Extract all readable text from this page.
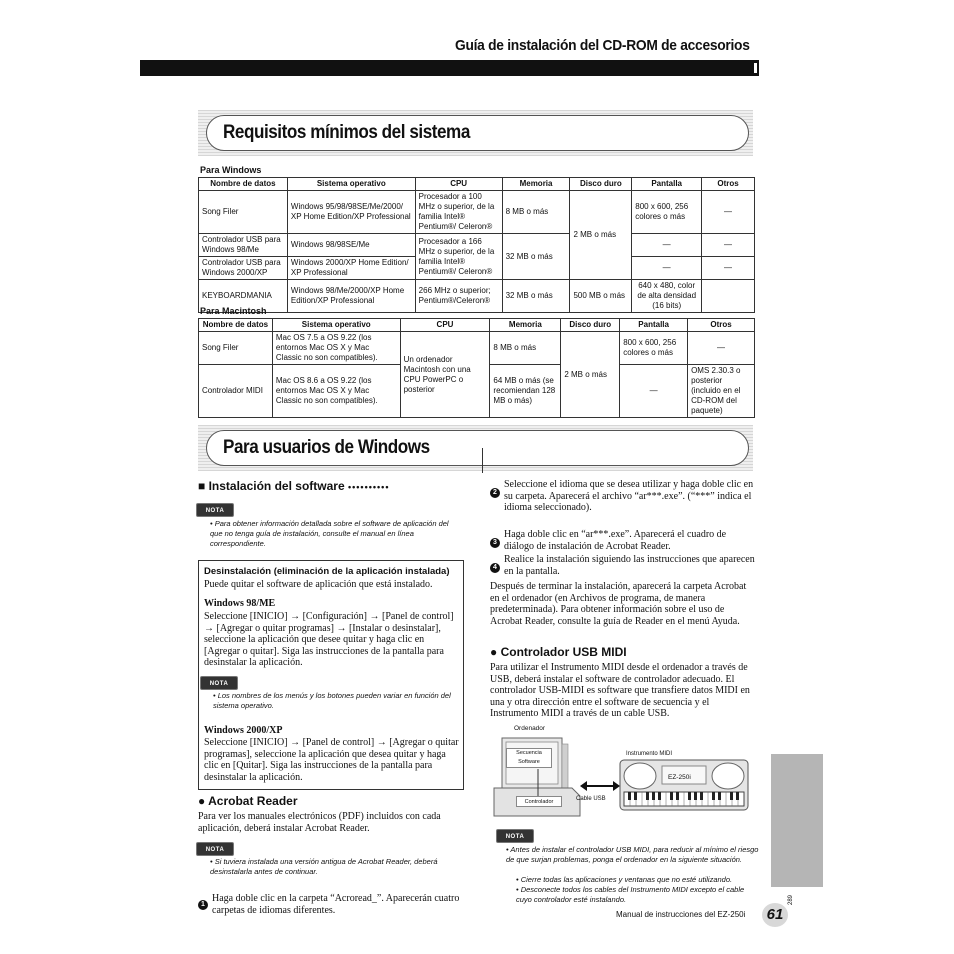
Guía de instalación del CD-ROM de accesorios
Requisitos mínimos del sistema
Para Windows
Nombre de datos	Sistema operativo	CPU	Memoria	Disco duro	Pantalla	Otros
Song Filer	Windows 95/98/98SE/Me/2000/ XP Home Edition/XP Professional	Procesador a 100 MHz o superior, de la familia Intel® Pentium®/ Celeron®	8 MB o más	2 MB o más	800 x 600, 256 colores o más	—
Controlador USB para Windows 98/Me	Windows 98/98SE/Me	Procesador a 166 MHz o superior, de la familia Intel® Pentium®/ Celeron®	32 MB o más		—	—
Controlador USB para Windows 2000/XP	Windows 2000/XP Home Edition/ XP Professional				—	—
KEYBOARDMANIA	Windows 98/Me/2000/XP Home Edition/XP Professional	266 MHz o superior; Pentium®/Celeron®	32 MB o más	500 MB o más	640 x 480, color de alta densidad (16 bits)	
Para Macintosh
Nombre de datos	Sistema operativo	CPU	Memoria	Disco duro	Pantalla	Otros
Song Filer	Mac OS 7.5 a OS 9.22 (los entornos Mac OS X y Mac Classic no son compatibles).	Un ordenador Macintosh con una CPU PowerPC o posterior	8 MB o más	2 MB o más	800 x 600, 256 colores o más	—
Controlador MIDI	Mac OS 8.6 a OS 9.22 (los entornos Mac OS X y Mac Classic no son compatibles).		64 MB o más (se recomiendan 128 MB o más)		—	OMS 2.30.3 o posterior (incluido en el CD-ROM del paquete)
Para usuarios de Windows
■ Instalación del software ••••••••••
NOTA
• Para obtener información detallada sobre el software de aplicación del que no tenga guía de instalación, consulte el manual en línea correspondiente.
Desinstalación (eliminación de la aplicación instalada)
Puede quitar el software de aplicación que está instalado.
Windows 98/ME
Seleccione [INICIO] → [Configuración] → [Panel de control] → [Agregar o quitar programas] → [Instalar o desinstalar], seleccione la aplicación que desee quitar y haga clic en [Agregar o quitar]. Siga las instrucciones de la pantalla para desinstalar la aplicación.
NOTA
• Los nombres de los menús y los botones pueden variar en función del sistema operativo.
Windows 2000/XP
Seleccione [INICIO] → [Panel de control] → [Agregar o quitar programas], seleccione la aplicación que desea quitar y haga clic en [Quitar]. Siga las instrucciones de la pantalla para desinstalar la aplicación.
● Acrobat Reader
Para ver los manuales electrónicos (PDF) incluidos con cada aplicación, deberá instalar Acrobat Reader.
NOTA
• Si tuviera instalada una versión antigua de Acrobat Reader, deberá desinstalarla antes de continuar.
1
Haga doble clic en la carpeta “Acroread_”. Aparecerán cuatro carpetas de idiomas diferentes.
289
2
Seleccione el idioma que se desea utilizar y haga doble clic en su carpeta. Aparecerá el archivo “ar***.exe”. (“***” indica el idioma seleccionado).
3
Haga doble clic en “ar***.exe”. Aparecerá el cuadro de diálogo de instalación de Acrobat Reader.
4
Realice la instalación siguiendo las instrucciones que aparecen en la pantalla.
Después de terminar la instalación, aparecerá la carpeta Acrobat en el ordenador (en Archivos de programa, de manera predeterminada). Para obtener información sobre el uso de Acrobat Reader, consulte la guía de Reader en el menú Ayuda.
● Controlador USB MIDI
Para utilizar el Instrumento MIDI desde el ordenador a través de USB, deberá instalar el software de controlador adecuado. El controlador USB-MIDI es software que transfiere datos MIDI en una y otra dirección entre el software de secuencia y el Instrumento MIDI a través de un cable USB.
Ordenador
Secuencia Software
Controlador	Cable USB
Instrumento MIDI
EZ-250i
NOTA
• Antes de instalar el controlador USB MIDI, para reducir al mínimo el riesgo de que surjan problemas, ponga el ordenador en la siguiente situación.
• Cierre todas las aplicaciones y ventanas que no esté utilizando.
• Desconecte todos los cables del Instrumento MIDI excepto el cable cuyo controlador esté instalando.
Manual de instrucciones del EZ-250i	61
